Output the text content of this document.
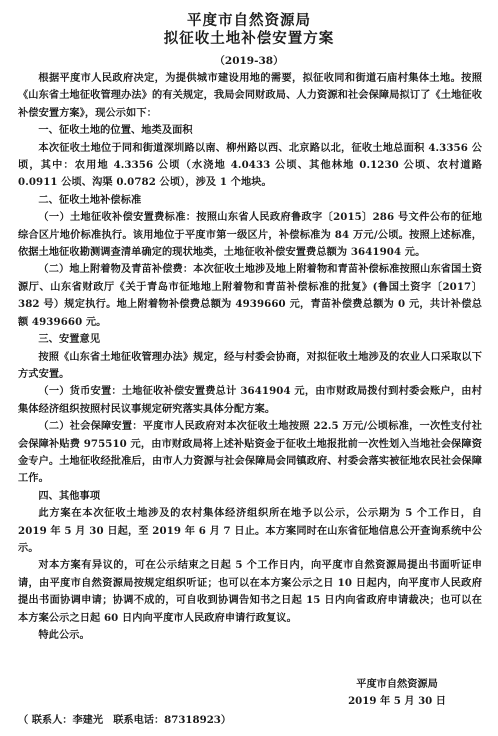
平度市自然资源局
拟征收土地补偿安置方案
（2019-38）

根据平度市人民政府决定，为提供城市建设用地的需要，拟征收同和街道石庙村集体土地。按照《山东省土地征收管理办法》的有关规定，我局会同财政局、人力资源和社会保障局拟订了《土地征收补偿安置方案》，现公示如下：

一、征收土地的位置、地类及面积

本次征收土地位于同和街道深圳路以南、柳州路以西、北京路以北，征收土地总面积 4.3356 公顷，其中：农用地 4.3356 公顷（水浇地 4.0433 公顷、其他林地 0.1230 公顷、农村道路 0.0911 公顷、沟渠 0.0782 公顷），涉及 1 个地块。

二、征收土地补偿标准

（一）土地征收补偿安置费标准：按照山东省人民政府鲁政字〔2015〕286 号文件公布的征地综合区片地价标准执行。该用地位于平度市第一级区片，补偿标准为 84 万元/公顷。按照上述标准，依据土地征收勘测调查清单确定的现状地类，土地征收补偿安置费总额为 3641904 元。

（二）地上附着物及青苗补偿费：本次征收土地涉及地上附着物和青苗补偿标准按照山东省国土资源厅、山东省财政厅《关于青岛市征地地上附着物和青苗补偿标准的批复》(鲁国土资字〔2017〕382 号）规定执行。地上附着物补偿费总额为 4939660 元，青苗补偿费总额为 0 元，共计补偿总额 4939660 元。

三、安置意见

按照《山东省土地征收管理办法》规定，经与村委会协商，对拟征收土地涉及的农业人口采取以下方式安置。

（一）货币安置：土地征收补偿安置费总计 3641904 元，由市财政局拨付到村委会账户，由村集体经济组织按照村民议事规定研究落实具体分配方案。

（二）社会保障安置：平度市人民政府对本次征收土地按照 22.5 万元/公顷标准，一次性支付社会保障补贴费 975510 元，由市财政局将上述补贴资金于征收土地报批前一次性划入当地社会保障资金专户。土地征收经批准后，由市人力资源与社会保障局会同镇政府、村委会落实被征地农民社会保障工作。

四、其他事项

此方案在本次征收土地涉及的农村集体经济组织所在地予以公示，公示期为 5 个工作日，自 2019 年 5 月 30 日起，至 2019 年 6 月 7 日止。本方案同时在山东省征地信息公开查询系统中公示。

对本方案有异议的，可在公示结束之日起 5 个工作日内，向平度市自然资源局提出书面听证申请，由平度市自然资源局按规定组织听证；也可以在本方案公示之日 10 日起内，向平度市人民政府提出书面协调申请；协调不成的，可自收到协调告知书之日起 15 日内向省政府申请裁决；也可以在本方案公示之日起 60 日内向平度市人民政府申请行政复议。

特此公示。

平度市自然资源局
2019 年 5 月 30 日
（ 联系人：李建光　联系电话：87318923）
